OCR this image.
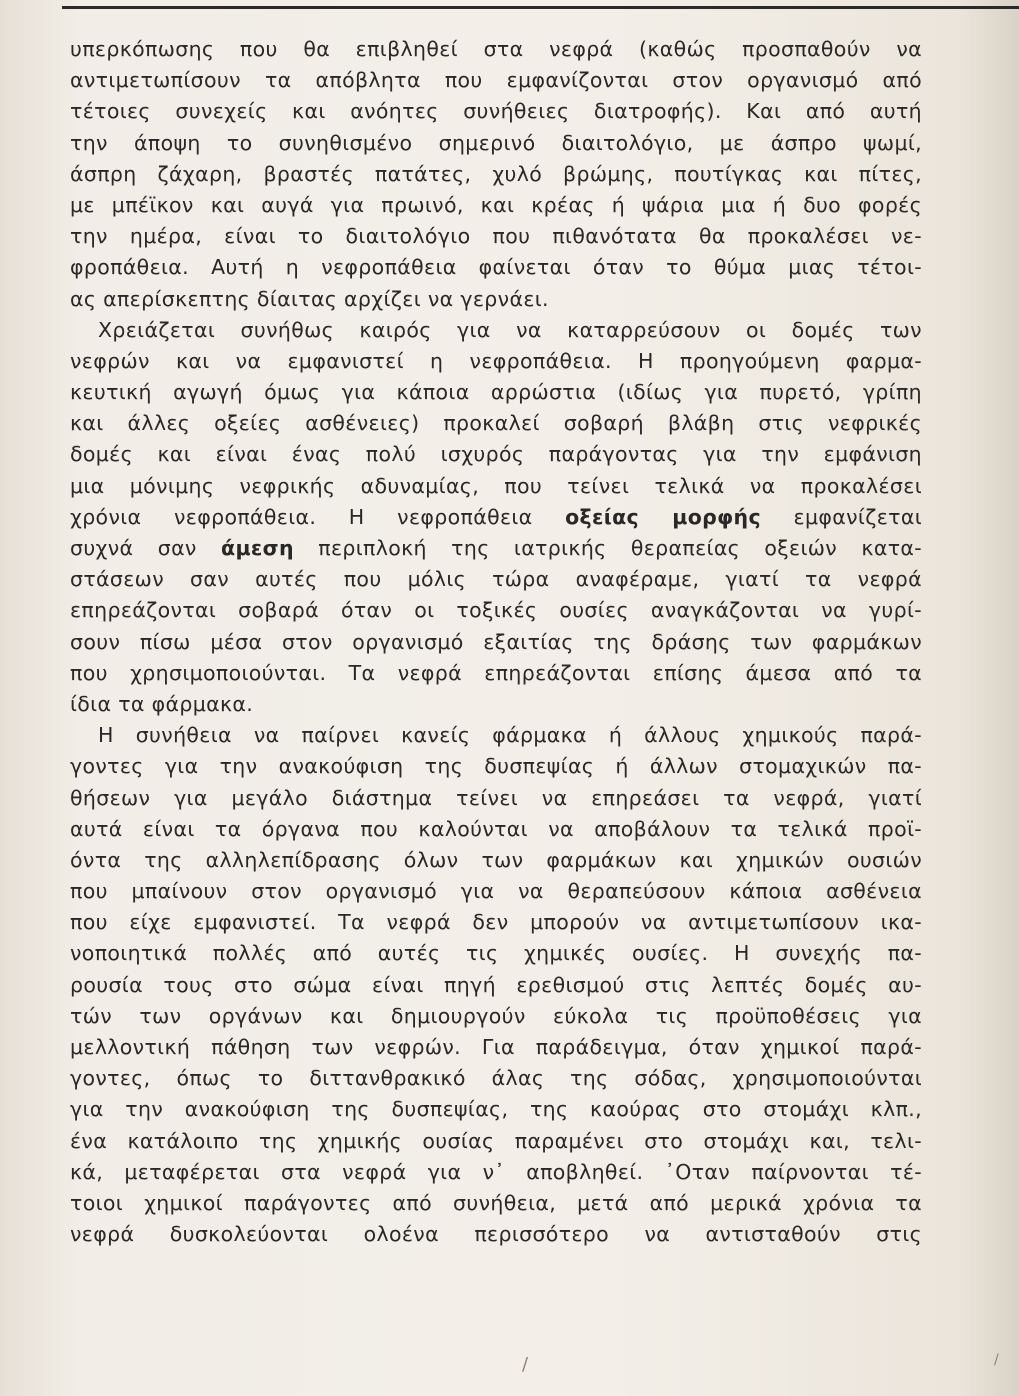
υπερκόπωσης που θα επιβληθεί στα νεφρά (καθώς προσπαθούν να
αντιμετωπίσουν τα απόβλητα που εμφανίζονται στον οργανισμό από
τέτοιες συνεχείς και ανόητες συνήθειες διατροφής). Και από αυτή
την άποψη το συνηθισμένο σημερινό διαιτολόγιο, με άσπρο ψωμί,
άσπρη ζάχαρη, βραστές πατάτες, χυλό βρώμης, πουτίγκας και πίτες,
με μπέϊκον και αυγά για πρωινό, και κρέας ή ψάρια μια ή δυο φορές
την ημέρα, είναι το διαιτολόγιο που πιθανότατα θα προκαλέσει νε-
φροπάθεια. Αυτή η νεφροπάθεια φαίνεται όταν το θύμα μιας τέτοι-
ας απερίσκεπτης δίαιτας αρχίζει να γερνάει.
Χρειάζεται συνήθως καιρός για να καταρρεύσουν οι δομές των
νεφρών και να εμφανιστεί η νεφροπάθεια. Η προηγούμενη φαρμα-
κευτική αγωγή όμως για κάποια αρρώστια (ιδίως για πυρετό, γρίπη
και άλλες οξείες ασθένειες) προκαλεί σοβαρή βλάβη στις νεφρικές
δομές και είναι ένας πολύ ισχυρός παράγοντας για την εμφάνιση
μια μόνιμης νεφρικής αδυναμίας, που τείνει τελικά να προκαλέσει
χρόνια νεφροπάθεια. Η νεφροπάθεια οξείας μορφής εμφανίζεται
συχνά σαν άμεση περιπλοκή της ιατρικής θεραπείας οξειών κατα-
στάσεων σαν αυτές που μόλις τώρα αναφέραμε, γιατί τα νεφρά
επηρεάζονται σοβαρά όταν οι τοξικές ουσίες αναγκάζονται να γυρί-
σουν πίσω μέσα στον οργανισμό εξαιτίας της δράσης των φαρμάκων
που χρησιμοποιούνται. Τα νεφρά επηρεάζονται επίσης άμεσα από τα
ίδια τα φάρμακα.
Η συνήθεια να παίρνει κανείς φάρμακα ή άλλους χημικούς παρά-
γοντες για την ανακούφιση της δυσπεψίας ή άλλων στομαχικών πα-
θήσεων για μεγάλο διάστημα τείνει να επηρεάσει τα νεφρά, γιατί
αυτά είναι τα όργανα που καλούνται να αποβάλουν τα τελικά προϊ-
όντα της αλληλεπίδρασης όλων των φαρμάκων και χημικών ουσιών
που μπαίνουν στον οργανισμό για να θεραπεύσουν κάποια ασθένεια
που είχε εμφανιστεί. Τα νεφρά δεν μπορούν να αντιμετωπίσουν ικα-
νοποιητικά πολλές από αυτές τις χημικές ουσίες. Η συνεχής πα-
ρουσία τους στο σώμα είναι πηγή ερεθισμού στις λεπτές δομές αυ-
τών των οργάνων και δημιουργούν εύκολα τις προϋποθέσεις για
μελλοντική πάθηση των νεφρών. Για παράδειγμα, όταν χημικοί παρά-
γοντες, όπως το διττανθρακικό άλας της σόδας, χρησιμοποιούνται
για την ανακούφιση της δυσπεψίας, της καούρας στο στομάχι κλπ.,
ένα κατάλοιπο της χημικής ουσίας παραμένει στο στομάχι και, τελι-
κά, μεταφέρεται στα νεφρά για ν᾽ αποβληθεί. ᾽Οταν παίρνονται τέ-
τοιοι χημικοί παράγοντες από συνήθεια, μετά από μερικά χρόνια τα
νεφρά δυσκολεύονται ολοένα περισσότερο να αντισταθούν στις
/	/
